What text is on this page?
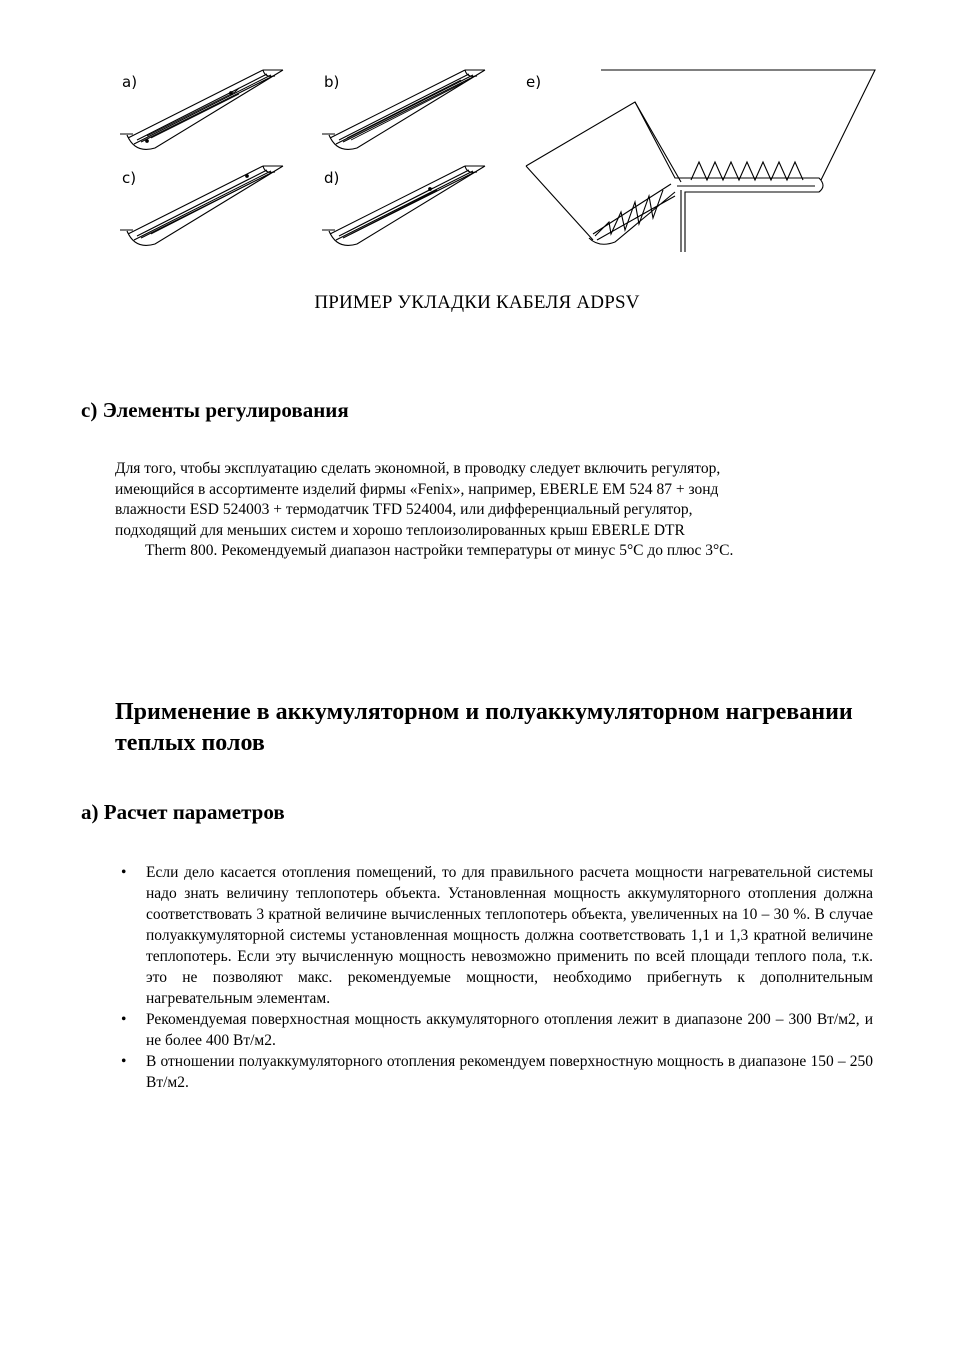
a)	b)
c)	d)
e)
ПРИМЕР УКЛАДКИ КАБЕЛЯ ADPSV
с) Элементы регулирования
Для того, чтобы эксплуатацию сделать экономной, в проводку следует включить регулятор,
имеющийся в ассортименте изделий фирмы «Fenix», например, EBERLE EM 524 87 + зонд
влажности ESD 524003 + термодатчик TFD 524004, или дифференциальный регулятор,
подходящий для меньших систем и хорошо теплоизолированных крыш EBERLE DTR
Therm 800. Рекомендуемый диапазон настройки температуры от минус 5°C до плюс 3°C.
Применение в аккумуляторном и полуаккумуляторном нагревании теплых полов
а) Расчет параметров
• Если дело касается отопления помещений, то для правильного расчета мощности нагревательной системы надо знать величину теплопотерь объекта. Установленная мощность аккумуляторного отопления должна соответствовать 3 кратной величине вычисленных теплопотерь объекта, увеличенных на 10 – 30 %. В случае полуаккумуляторной системы установленная мощность должна соответствовать 1,1 и 1,3 кратной величине теплопотерь. Если эту вычисленную мощность невозможно применить по всей площади теплого пола, т.к. это не позволяют макс. рекомендуемые мощности, необходимо прибегнуть к дополнительным нагревательным элементам.
• Рекомендуемая поверхностная мощность аккумуляторного отопления лежит в диапазоне 200 – 300 Вт/м2, и не более 400 Вт/м2.
• В отношении полуаккумуляторного отопления рекомендуем поверхностную мощность в диапазоне 150 – 250 Вт/м2.
